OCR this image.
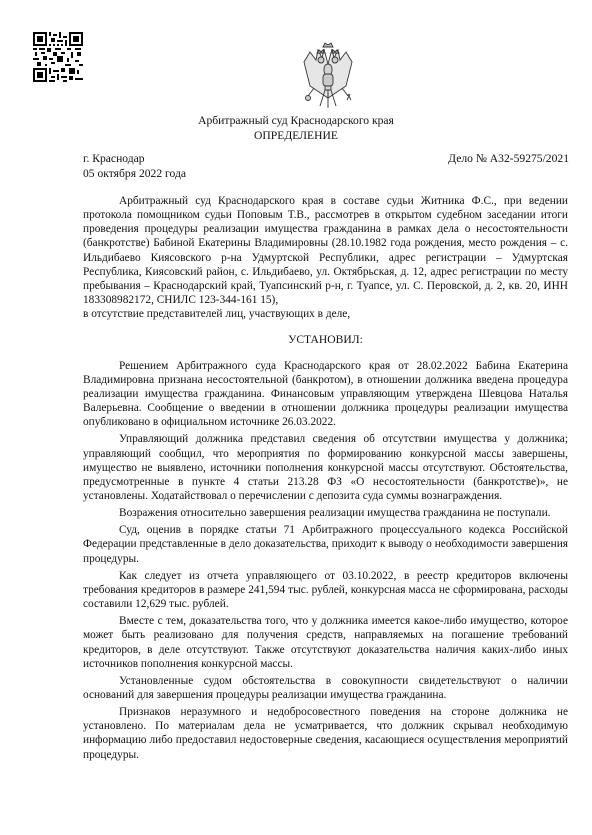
Арбитражный суд Краснодарского края
ОПРЕДЕЛЕНИЕ
г. Краснодар
05 октября 2022 года
Дело № А32-59275/2021

Арбитражный суд Краснодарского края в составе судьи Житника Ф.С., при ведении протокола помощником судьи Поповым Т.В., рассмотрев в открытом судебном заседании итоги проведения процедуры реализации имущества гражданина в рамках дела о несостоятельности (банкротстве) Бабиной Екатерины Владимировны (28.10.1982 года рождения, место рождения – с. Ильдибаево Киясовского р-на Удмуртской Республики, адрес регистрации – Удмуртская Республика, Киясовский район, с. Ильдибаево, ул. Октябрьская, д. 12, адрес регистрации по месту пребывания – Краснодарский край, Туапсинский р-н, г. Туапсе, ул. С. Перовской, д. 2, кв. 20, ИНН 183308982172, СНИЛС 123-344-161 15),

в отсутствие представителей лиц, участвующих в деле,

УСТАНОВИЛ:

Решением Арбитражного суда Краснодарского края от 28.02.2022 Бабина Екатерина Владимировна признана несостоятельной (банкротом), в отношении должника введена процедура реализации имущества гражданина. Финансовым управляющим утверждена Шевцова Наталья Валерьевна. Сообщение о введении в отношении должника процедуры реализации имущества опубликовано в официальном источнике 26.03.2022.

Управляющий должника представил сведения об отсутствии имущества у должника; управляющий сообщил, что мероприятия по формированию конкурсной массы завершены, имущество не выявлено, источники пополнения конкурсной массы отсутствуют. Обстоятельства, предусмотренные в пункте 4 статьи 213.28 ФЗ «О несостоятельности (банкротстве)», не установлены. Ходатайствовал о перечислении с депозита суда суммы вознаграждения.

Возражения относительно завершения реализации имущества гражданина не поступали.

Суд, оценив в порядке статьи 71 Арбитражного процессуального кодекса Российской Федерации представленные в дело доказательства, приходит к выводу о необходимости завершения процедуры.

Как следует из отчета управляющего от 03.10.2022, в реестр кредиторов включены требования кредиторов в размере 241,594 тыс. рублей, конкурсная масса не сформирована, расходы составили 12,629 тыс. рублей.

Вместе с тем, доказательства того, что у должника имеется какое-либо имущество, которое может быть реализовано для получения средств, направляемых на погашение требований кредиторов, в деле отсутствуют. Также отсутствуют доказательства наличия каких-либо иных источников пополнения конкурсной массы.

Установленные судом обстоятельства в совокупности свидетельствуют о наличии оснований для завершения процедуры реализации имущества гражданина.

Признаков неразумного и недобросовестного поведения на стороне должника не установлено. По материалам дела не усматривается, что должник скрывал необходимую информацию либо предоставил недостоверные сведения, касающиеся осуществления мероприятий процедуры.
